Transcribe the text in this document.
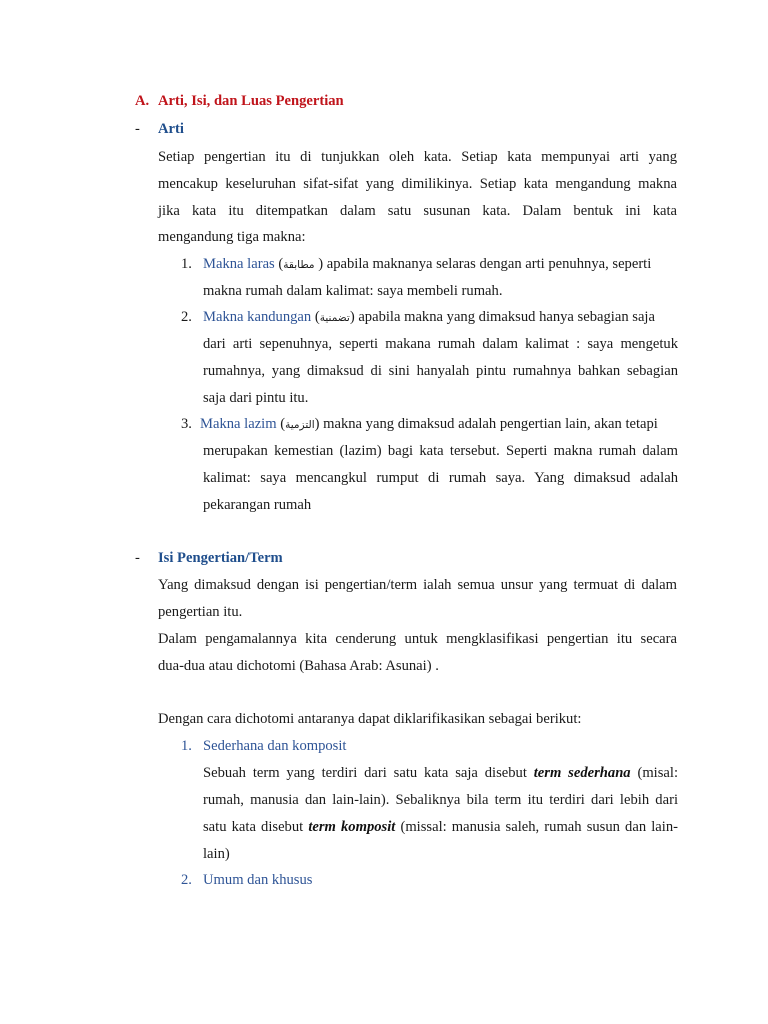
A. Arti, Isi, dan Luas Pengertian
- Arti
Setiap pengertian itu di tunjukkan oleh kata. Setiap kata mempunyai arti yang
mencakup keseluruhan sifat-sifat yang dimilikinya. Setiap kata mengandung makna
jika kata itu ditempatkan dalam satu susunan kata. Dalam bentuk ini kata
mengandung tiga makna:
1. Makna laras (مطابقة ) apabila maknanya selaras dengan arti penuhnya, seperti
makna rumah dalam kalimat: saya membeli rumah.
2. Makna kandungan (تضمنية) apabila makna yang dimaksud hanya sebagian saja
dari arti sepenuhnya, seperti makana rumah dalam kalimat : saya mengetuk
rumahnya, yang dimaksud di sini hanyalah pintu rumahnya bahkan sebagian
saja dari pintu itu.
3. Makna lazim (التزمية) makna yang dimaksud adalah pengertian lain, akan tetapi
merupakan kemestian (lazim) bagi kata tersebut. Seperti makna rumah dalam
kalimat: saya mencangkul rumput di rumah saya. Yang dimaksud adalah
pekarangan rumah
- Isi Pengertian/Term
Yang dimaksud dengan isi pengertian/term ialah semua unsur yang termuat di dalam
pengertian itu.
Dalam pengamalannya kita cenderung untuk mengklasifikasi pengertian itu secara
dua-dua atau dichotomi (Bahasa Arab: Asunai) .
Dengan cara dichotomi antaranya dapat diklarifikasikan sebagai berikut:
1. Sederhana dan komposit
Sebuah term yang terdiri dari satu kata saja disebut term sederhana (misal:
rumah, manusia dan lain-lain). Sebaliknya bila term itu terdiri dari lebih dari
satu kata disebut term komposit (missal: manusia saleh, rumah susun dan lain-
lain)
2. Umum dan khusus
